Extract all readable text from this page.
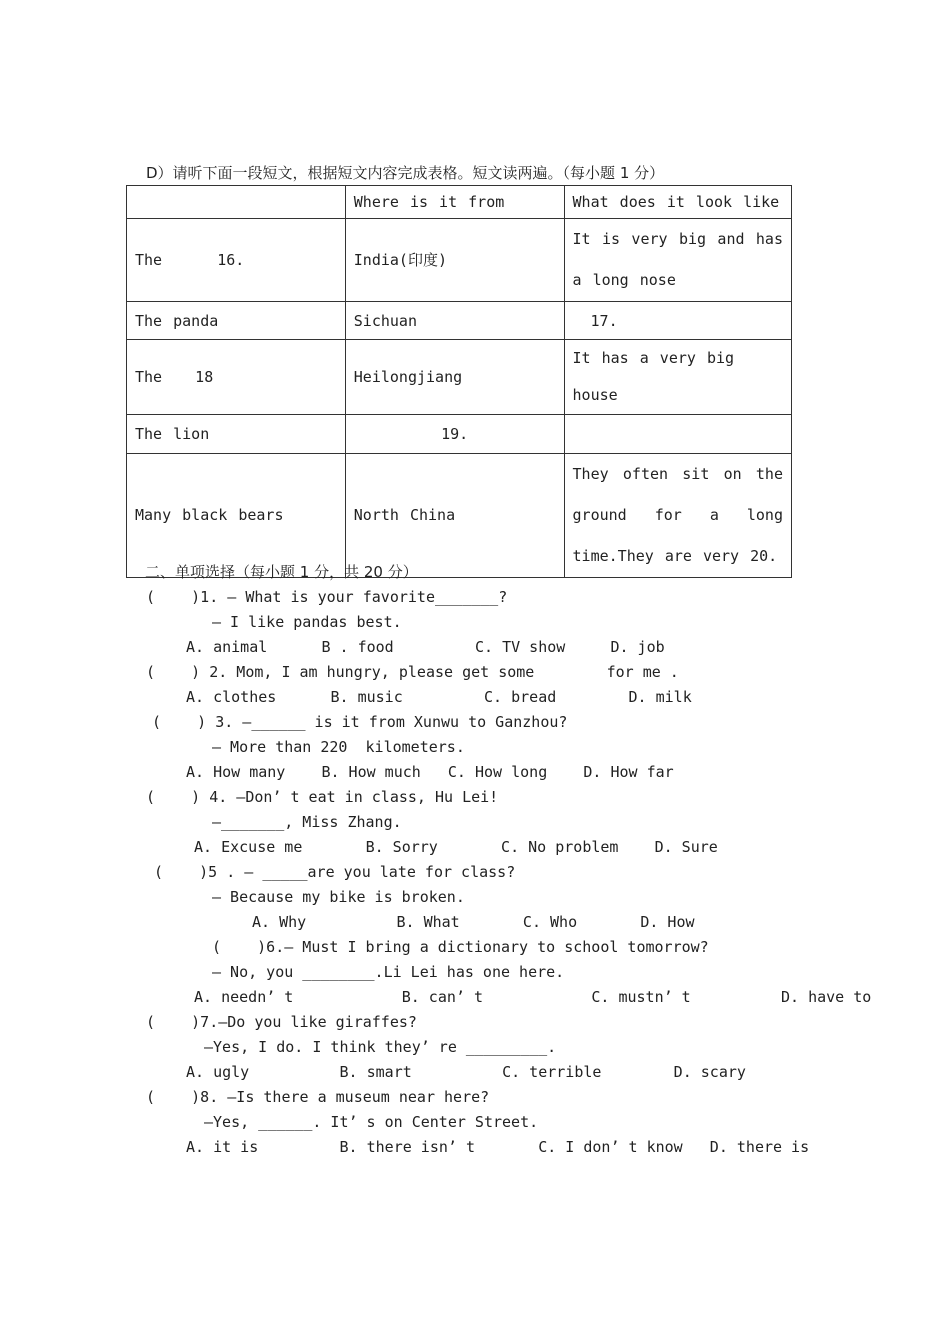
D）请听下面一段短文，根据短文内容完成表格。短文读两遍。（每小题 1 分）
	Where is it from	What does it look like
The     16.	India(印度)	It is very big and has a long nose
The panda	Sichuan	17.
The   18	Heilongjiang	It has a very big house
The lion	19.	
Many black bears	North China	They often sit on the ground for a long time.They are very 20.
二、单项选择（每小题 1 分，共 20 分）
(    )1. — What is your favorite_______?
— I like pandas best.
A. animal      B . food         C. TV show     D. job
(    ) 2. Mom, I am hungry, please get some        for me .
A. clothes      B. music         C. bread        D. milk
(    ) 3. —______ is it from Xunwu to Ganzhou?
— More than 220  kilometers.
A. How many    B. How much   C. How long    D. How far
(    ) 4. —Don’ t eat in class, Hu Lei!
—_______, Miss Zhang.
A. Excuse me       B. Sorry       C. No problem    D. Sure
(    )5 . — _____are you late for class?
— Because my bike is broken.
A. Why          B. What       C. Who       D. How
(    )6.— Must I bring a dictionary to school tomorrow?
— No, you ________.Li Lei has one here.
A. needn’ t            B. can’ t            C. mustn’ t          D. have to
(    )7.—Do you like giraffes?
—Yes, I do. I think they’ re _________.
A. ugly          B. smart          C. terrible        D. scary
(    )8. —Is there a museum near here?
—Yes, ______. It’ s on Center Street.
A. it is         B. there isn’ t       C. I don’ t know   D. there is
